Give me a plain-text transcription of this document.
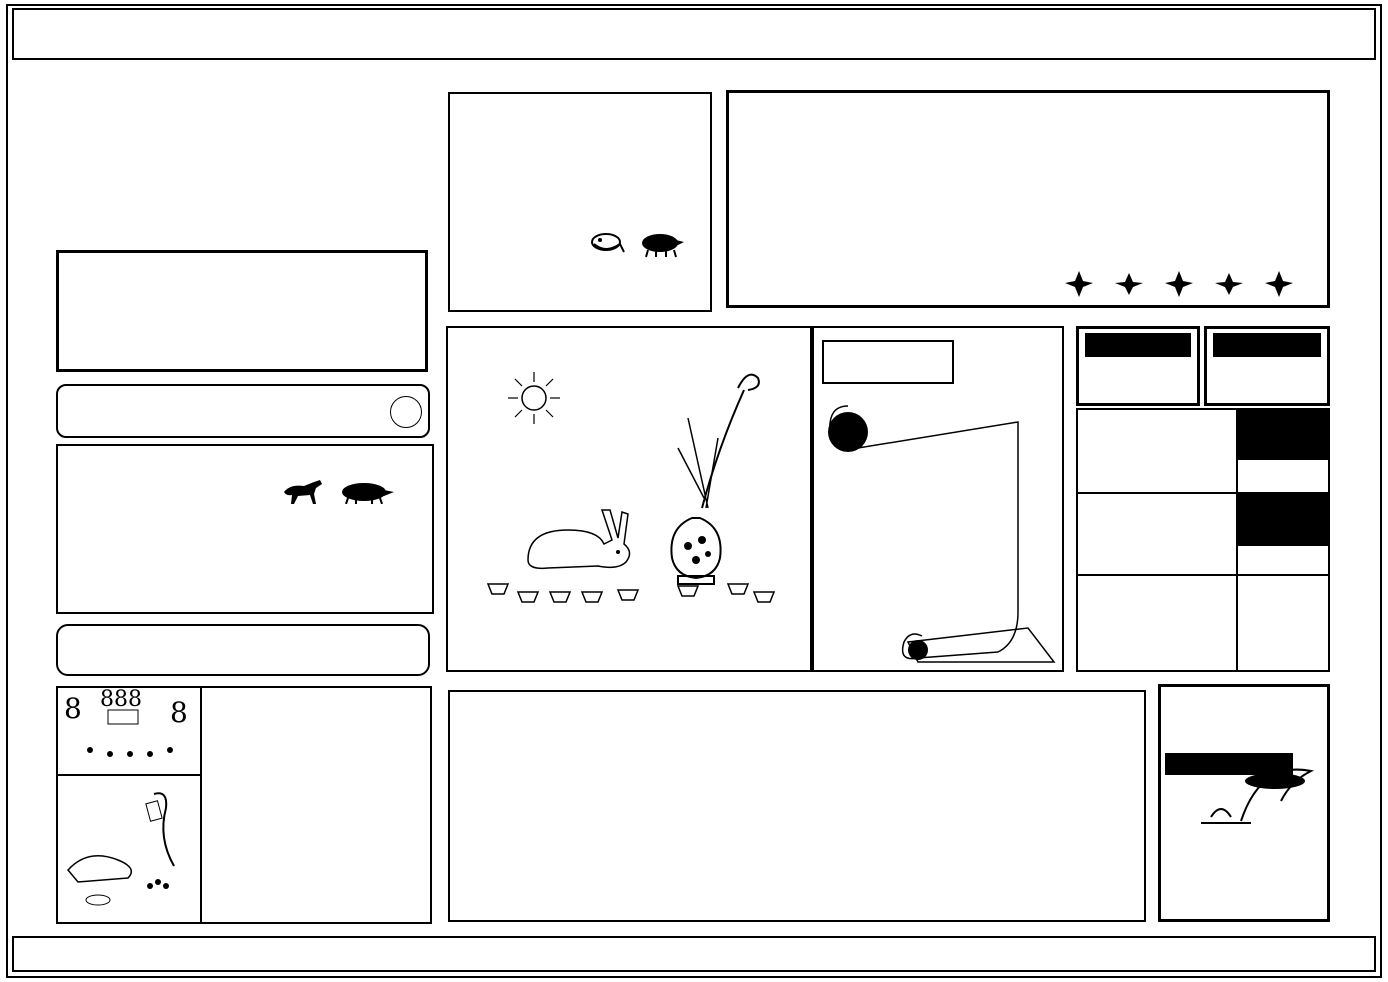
8 888 8
